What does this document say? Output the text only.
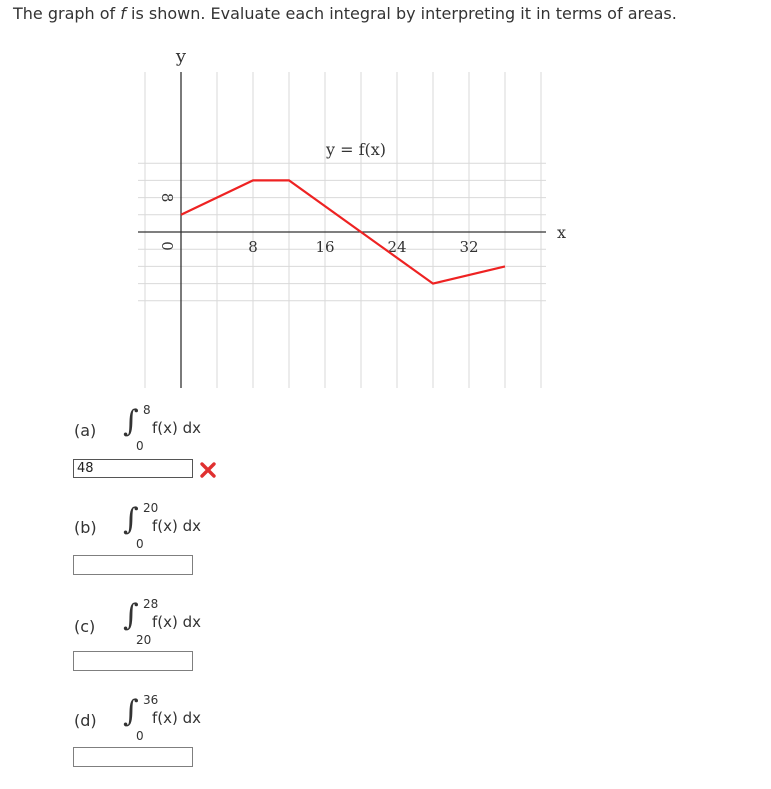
The graph of f is shown. Evaluate each integral by interpreting it in terms of areas.
8	16	24	32
8
0
y
x
y = f(x)
(a) ∫ 8
0
f(x) dx
48
(b) ∫ 20
0
f(x) dx
(c) ∫ 28
20
f(x) dx
(d) ∫ 36
0
f(x) dx
